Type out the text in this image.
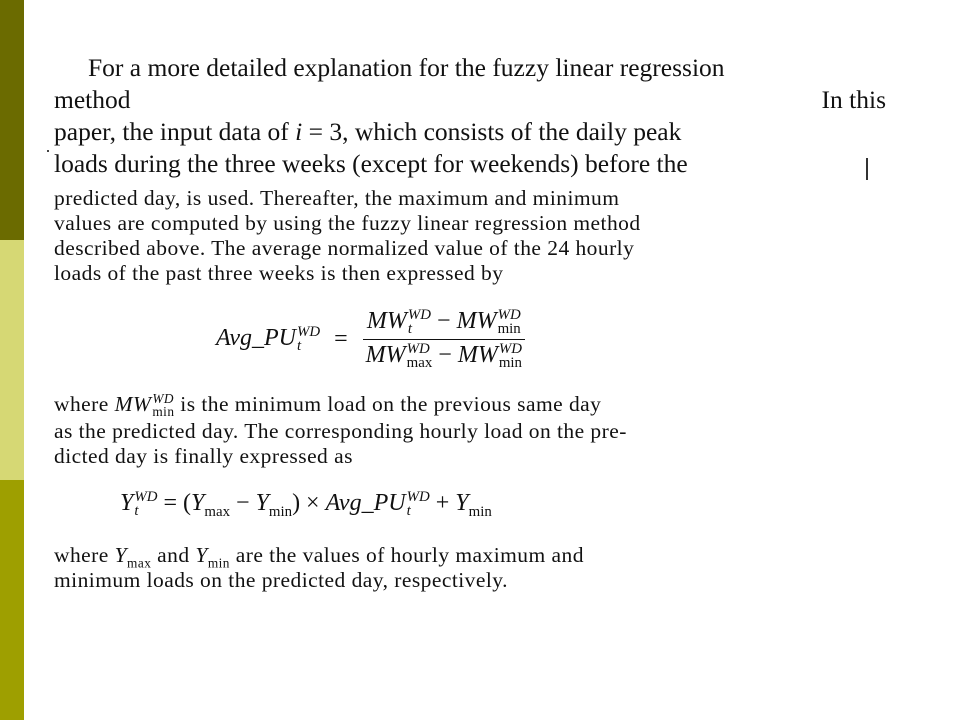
For a more detailed explanation for the fuzzy linear regression
method	In this
paper, the input data of i = 3, which consists of the daily peak
loads during the three weeks (except for weekends) before the
predicted day, is used. Thereafter, the maximum and minimum
values are computed by using the fuzzy linear regression method
described above. The average normalized value of the 24 hourly
loads of the past three weeks is then expressed by
Avg_PU WD
t	= MW WD
t	− MW WD
min
MW WD
max − MW WD
min
where MW WD
min is the minimum load on the previous same day
as the predicted day. The corresponding hourly load on the pre-
dicted day is finally expressed as
Y WD
$t = (Y_{max} - Y_{min})$ × Avg_PU WD
$t + Y_{min}$
where $Y_{max}$ and $Y_{min}$ are the values of hourly maximum and
minimum loads on the predicted day, respectively.
